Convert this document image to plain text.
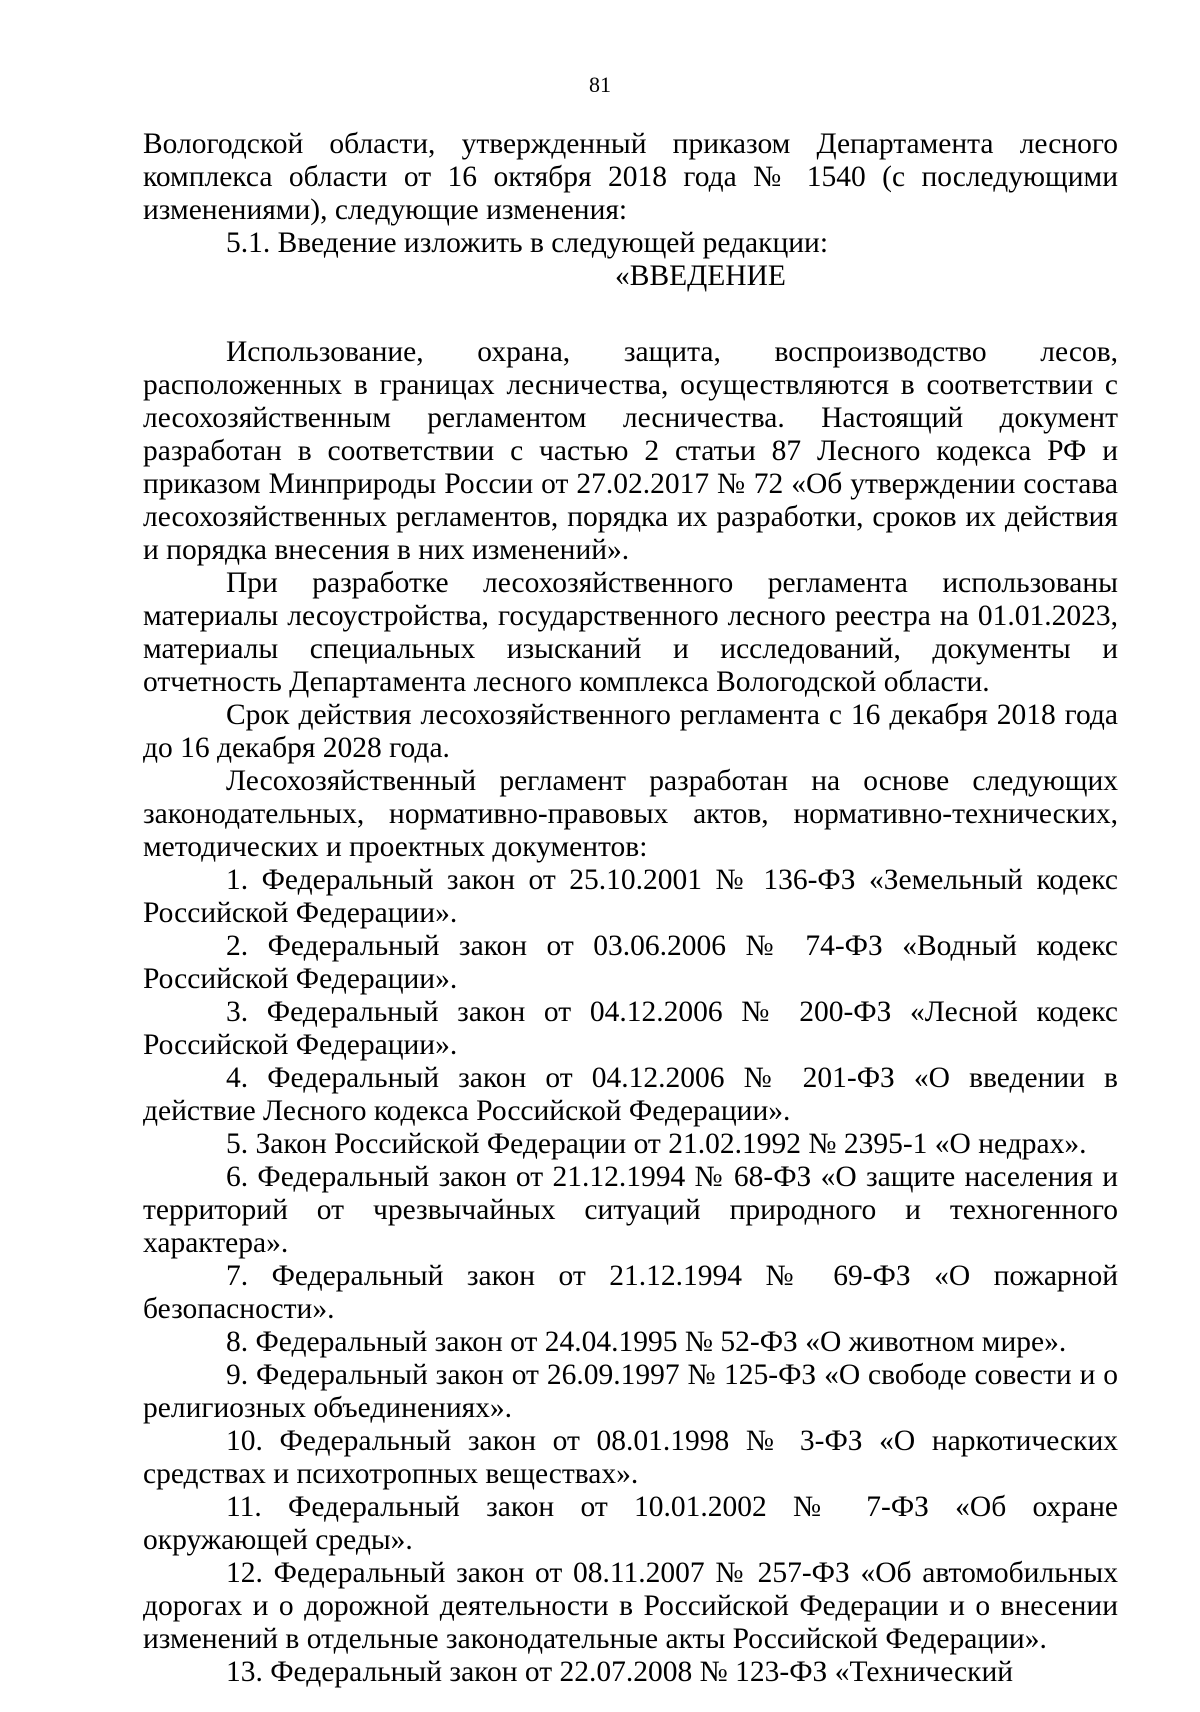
81

Вологодской области, утвержденный приказом Департамента лесного комплекса области от 16 октября 2018 года № 1540 (с последующими изменениями), следующие изменения:

5.1. Введение изложить в следующей редакции:

«ВВЕДЕНИЕ

Использование, охрана, защита, воспроизводство лесов, расположенных в границах лесничества, осуществляются в соответствии с лесохозяйственным регламентом лесничества. Настоящий документ разработан в соответствии с частью 2 статьи 87 Лесного кодекса РФ и приказом Минприроды России от 27.02.2017 № 72 «Об утверждении состава лесохозяйственных регламентов, порядка их разработки, сроков их действия и порядка внесения в них изменений».

При разработке лесохозяйственного регламента использованы материалы лесоустройства, государственного лесного реестра на 01.01.2023, материалы специальных изысканий и исследований, документы и отчетность Департамента лесного комплекса Вологодской области.

Срок действия лесохозяйственного регламента с 16 декабря 2018 года до 16 декабря 2028 года.

Лесохозяйственный регламент разработан на основе следующих законодательных, нормативно-правовых актов, нормативно-технических, методических и проектных документов:

1. Федеральный закон от 25.10.2001 № 136-ФЗ «Земельный кодекс Российской Федерации».

2. Федеральный закон от 03.06.2006 № 74-ФЗ «Водный кодекс Российской Федерации».

3. Федеральный закон от 04.12.2006 № 200-ФЗ «Лесной кодекс Российской Федерации».

4. Федеральный закон от 04.12.2006 № 201-ФЗ «О введении в действие Лесного кодекса Российской Федерации».

5. Закон Российской Федерации от 21.02.1992 № 2395-1 «О недрах».

6. Федеральный закон от 21.12.1994 № 68-ФЗ «О защите населения и территорий от чрезвычайных ситуаций природного и техногенного характера».

7. Федеральный закон от 21.12.1994 № 69-ФЗ «О пожарной безопасности».

8. Федеральный закон от 24.04.1995 № 52-ФЗ «О животном мире».

9. Федеральный закон от 26.09.1997 № 125-ФЗ «О свободе совести и о религиозных объединениях».

10. Федеральный закон от 08.01.1998 № 3-ФЗ «О наркотических средствах и психотропных веществах».

11. Федеральный закон от 10.01.2002 № 7-ФЗ «Об охране окружающей среды».

12. Федеральный закон от 08.11.2007 № 257-ФЗ «Об автомобильных дорогах и о дорожной деятельности в Российской Федерации и о внесении изменений в отдельные законодательные акты Российской Федерации».

13. Федеральный закон от 22.07.2008 № 123-ФЗ «Технический
